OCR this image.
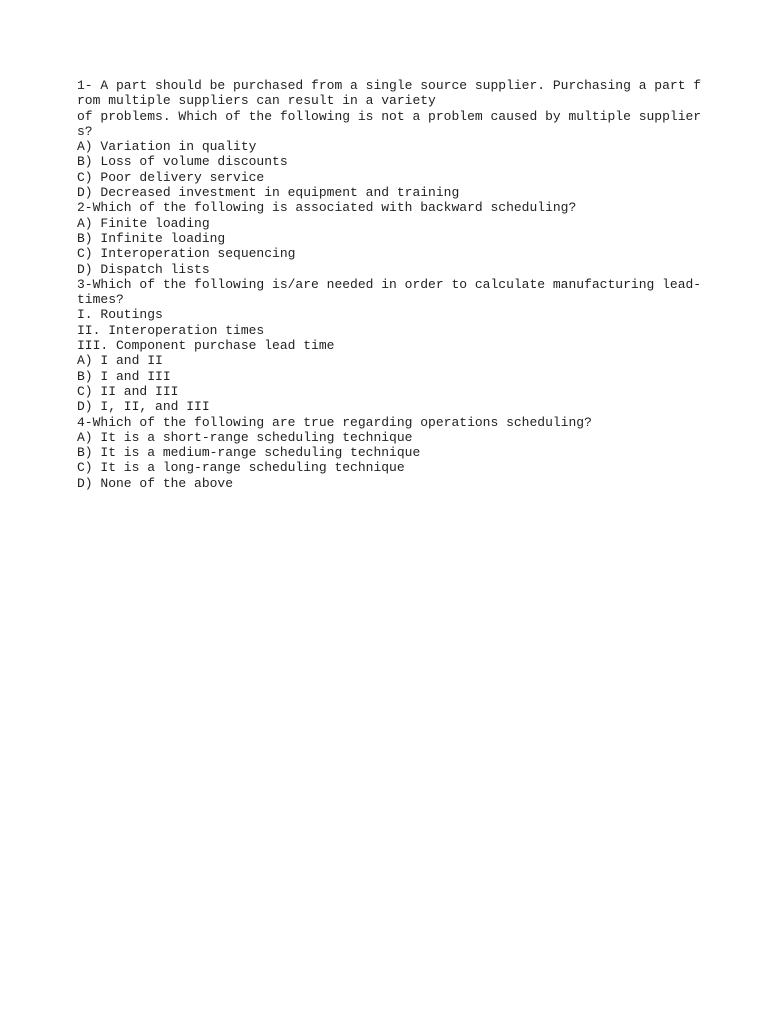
1- A part should be purchased from a single source supplier. Purchasing a part f
rom multiple suppliers can result in a variety
of problems. Which of the following is not a problem caused by multiple supplier
s?
A) Variation in quality
B) Loss of volume discounts
C) Poor delivery service
D) Decreased investment in equipment and training
2-Which of the following is associated with backward scheduling?
A) Finite loading
B) Infinite loading
C) Interoperation sequencing
D) Dispatch lists
3-Which of the following is/are needed in order to calculate manufacturing lead-
times?
I. Routings
II. Interoperation times
III. Component purchase lead time
A) I and II
B) I and III
C) II and III
D) I, II, and III
4-Which of the following are true regarding operations scheduling?
A) It is a short-range scheduling technique
B) It is a medium-range scheduling technique
C) It is a long-range scheduling technique
D) None of the above
